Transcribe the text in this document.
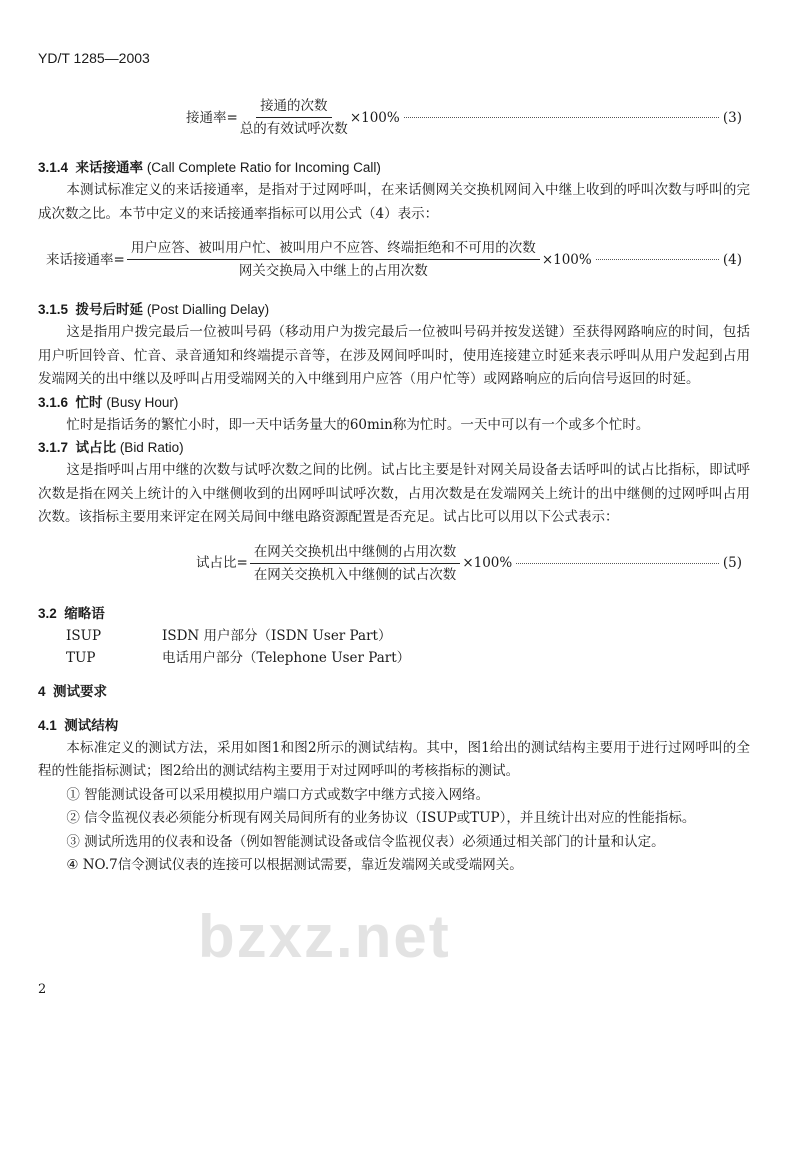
YD/T 1285—2003
接通率= $\frac{\text{接通的次数}}{\text{总的有效试呼次数}} \times 100\%$	(3)
3.1.4 来话接通率 (Call Complete Ratio for Incoming Call)
本测试标准定义的来话接通率，是指对于过网呼叫，在来话侧网关交换机网间入中继上收到的呼叫次数与呼叫的完成次数之比。本节中定义的来话接通率指标可以用公式（4）表示：
来话接通率= $\frac{\text{用户应答、被叫用户忙、被叫用户不应答、终端拒绝和不可用的次数}}{\text{网关交换局入中继上的占用次数}} \times 100\%$	(4)
3.1.5 拨号后时延 (Post Dialling Delay)
这是指用户拨完最后一位被叫号码（移动用户为拨完最后一位被叫号码并按发送键）至获得网路响应的时间，包括用户听回铃音、忙音、录音通知和终端提示音等，在涉及网间呼叫时，使用连接建立时延来表示呼叫从用户发起到占用发端网关的出中继以及呼叫占用受端网关的入中继到用户应答（用户忙等）或网路响应的后向信号返回的时延。
3.1.6 忙时 (Busy Hour)
忙时是指话务的繁忙小时，即一天中话务量大的60min称为忙时。一天中可以有一个或多个忙时。
3.1.7 试占比 (Bid Ratio)
这是指呼叫占用中继的次数与试呼次数之间的比例。试占比主要是针对网关局设备去话呼叫的试占比指标，即试呼次数是指在网关上统计的入中继侧收到的出网呼叫试呼次数，占用次数是在发端网关上统计的出中继侧的过网呼叫占用次数。该指标主要用来评定在网关局间中继电路资源配置是否充足。试占比可以用以下公式表示：
试占比= $\frac{\text{在网关交换机出中继侧的占用次数}}{\text{在网关交换机入中继侧的试占次数}} \times 100\%$	(5)
3.2 缩略语
ISUP	ISDN 用户部分（ISDN User Part）
TUP	电话用户部分（Telephone User Part）
4 测试要求
4.1 测试结构
本标准定义的测试方法，采用如图1和图2所示的测试结构。其中，图1给出的测试结构主要用于进行过网呼叫的全程的性能指标测试；图2给出的测试结构主要用于对过网呼叫的考核指标的测试。
① 智能测试设备可以采用模拟用户端口方式或数字中继方式接入网络。
② 信令监视仪表必须能分析现有网关局间所有的业务协议（ISUP或TUP），并且统计出对应的性能指标。
③ 测试所选用的仪表和设备（例如智能测试设备或信令监视仪表）必须通过相关部门的计量和认定。
④ NO.7信令测试仪表的连接可以根据测试需要，靠近发端网关或受端网关。
bzxz.net
2
